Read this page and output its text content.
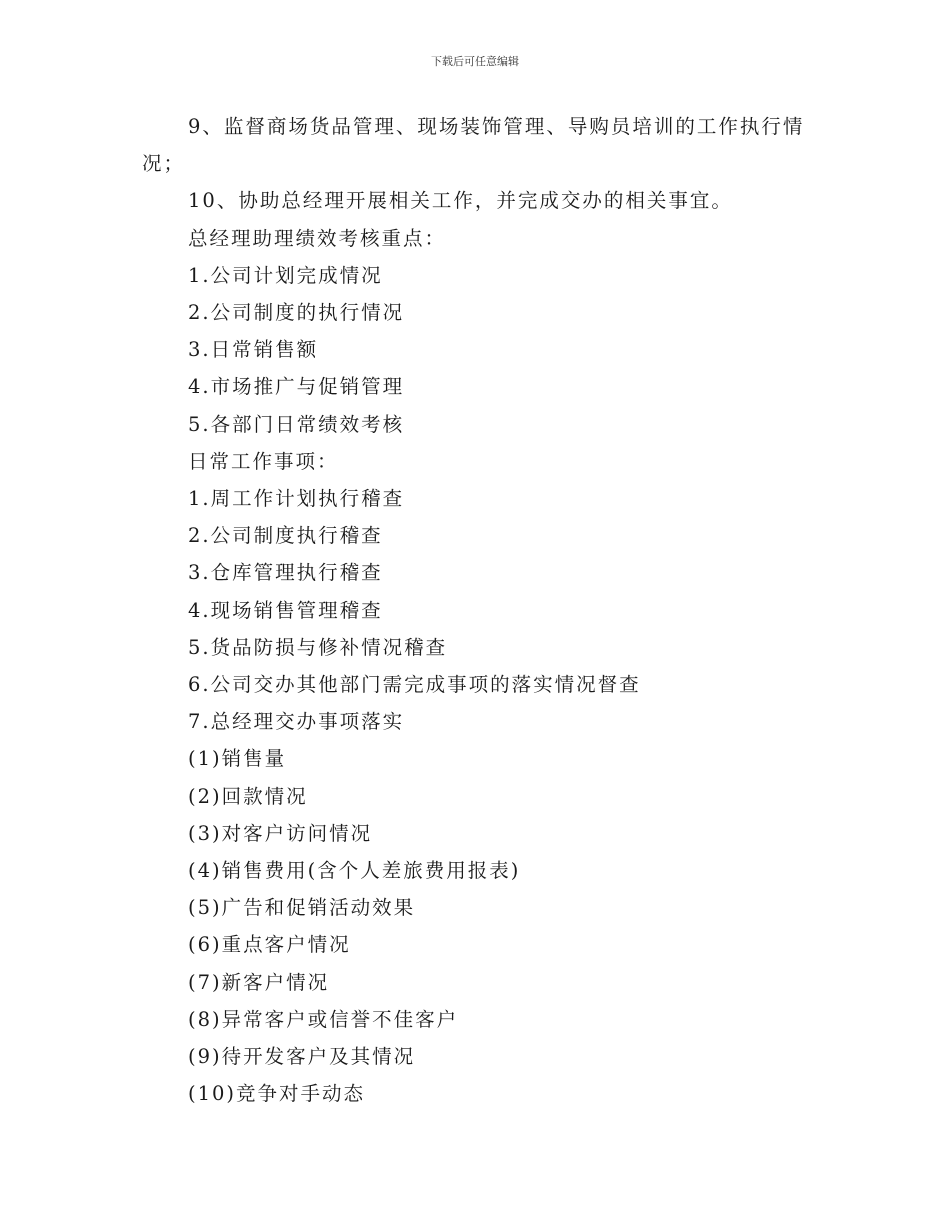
下载后可任意编辑

9、监督商场货品管理、现场装饰管理、导购员培训的工作执行情况；

10、协助总经理开展相关工作，并完成交办的相关事宜。

总经理助理绩效考核重点：

1.公司计划完成情况

2.公司制度的执行情况

3.日常销售额

4.市场推广与促销管理

5.各部门日常绩效考核

日常工作事项：

1.周工作计划执行稽查

2.公司制度执行稽查

3.仓库管理执行稽查

4.现场销售管理稽查

5.货品防损与修补情况稽查

6.公司交办其他部门需完成事项的落实情况督查

7.总经理交办事项落实

(1)销售量

(2)回款情况

(3)对客户访问情况

(4)销售费用(含个人差旅费用报表)

(5)广告和促销活动效果

(6)重点客户情况

(7)新客户情况

(8)异常客户或信誉不佳客户

(9)待开发客户及其情况

(10)竞争对手动态
